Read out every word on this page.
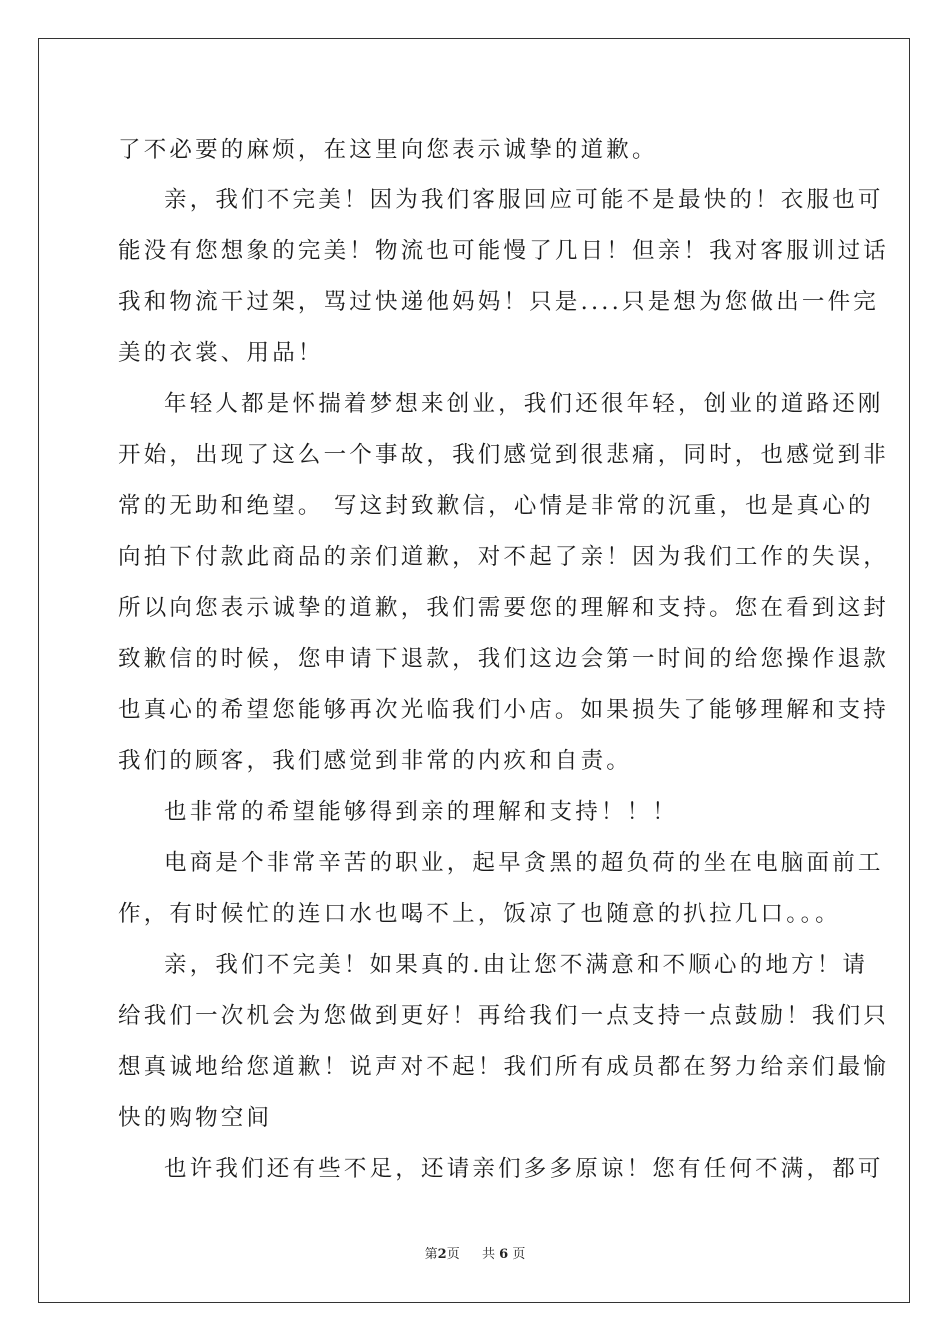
了不必要的麻烦，在这里向您表示诚挚的道歉。
亲，我们不完美！因为我们客服回应可能不是最快的！衣服也可
能没有您想象的完美！物流也可能慢了几日！但亲！我对客服训过话
我和物流干过架，骂过快递他妈妈！只是....只是想为您做出一件完
美的衣裳、用品！
年轻人都是怀揣着梦想来创业，我们还很年轻，创业的道路还刚
开始，出现了这么一个事故，我们感觉到很悲痛，同时，也感觉到非
常的无助和绝望。 写这封致歉信，心情是非常的沉重，也是真心的
向拍下付款此商品的亲们道歉，对不起了亲！因为我们工作的失误，
所以向您表示诚挚的道歉，我们需要您的理解和支持。您在看到这封
致歉信的时候，您申请下退款，我们这边会第一时间的给您操作退款
也真心的希望您能够再次光临我们小店。如果损失了能够理解和支持
我们的顾客，我们感觉到非常的内疚和自责。
也非常的希望能够得到亲的理解和支持！！！
电商是个非常辛苦的职业，起早贪黑的超负荷的坐在电脑面前工
作，有时候忙的连口水也喝不上，饭凉了也随意的扒拉几口。。。
亲，我们不完美！如果真的.由让您不满意和不顺心的地方！请
给我们一次机会为您做到更好！再给我们一点支持一点鼓励！我们只
想真诚地给您道歉！说声对不起！我们所有成员都在努力给亲们最愉
快的购物空间
也许我们还有些不足，还请亲们多多原谅！您有任何不满，都可
第2页 共 6 页
